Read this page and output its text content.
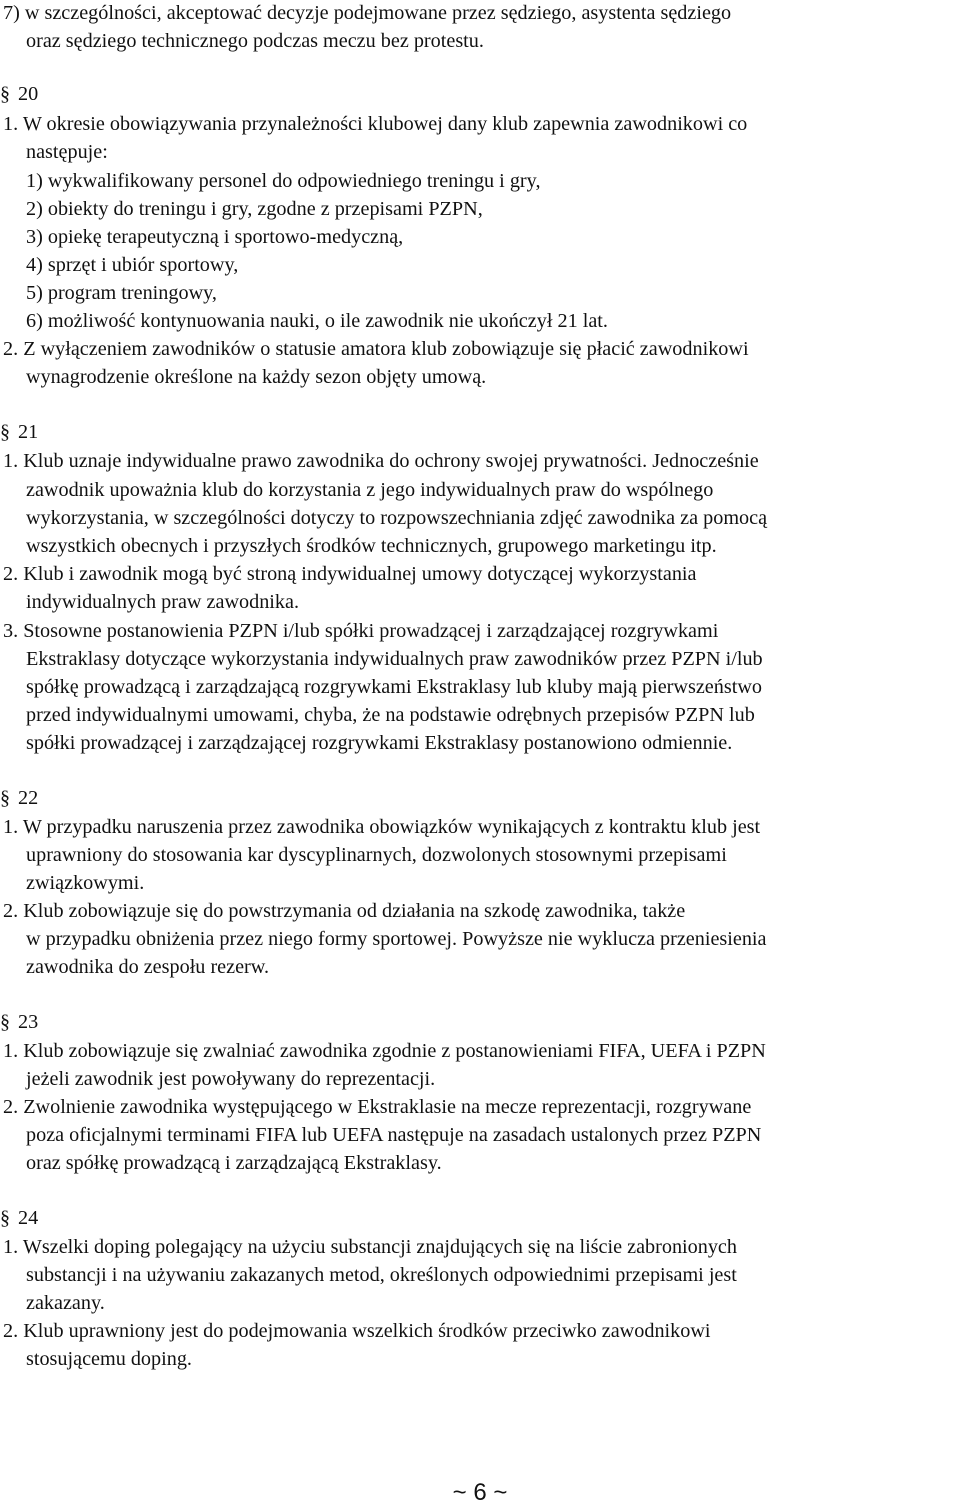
7) w szczególności, akceptować decyzje podejmowane przez sędziego, asystenta sędziego
oraz sędziego technicznego podczas meczu bez protestu.
§ 20
1. W okresie obowiązywania przynależności klubowej dany klub zapewnia zawodnikowi co
następuje:
1) wykwalifikowany personel do odpowiedniego treningu i gry,
2) obiekty do treningu i gry, zgodne z przepisami PZPN,
3) opiekę terapeutyczną i sportowo-medyczną,
4) sprzęt i ubiór sportowy,
5) program treningowy,
6) możliwość kontynuowania nauki, o ile zawodnik nie ukończył 21 lat.
2. Z wyłączeniem zawodników o statusie amatora klub zobowiązuje się płacić zawodnikowi
wynagrodzenie określone na każdy sezon objęty umową.
§ 21
1. Klub uznaje indywidualne prawo zawodnika do ochrony swojej prywatności. Jednocześnie
zawodnik upoważnia klub do korzystania z jego indywidualnych praw do wspólnego
wykorzystania, w szczególności dotyczy to rozpowszechniania zdjęć zawodnika za pomocą
wszystkich obecnych i przyszłych środków technicznych, grupowego marketingu itp.
2. Klub i zawodnik mogą być stroną indywidualnej umowy dotyczącej wykorzystania
indywidualnych praw zawodnika.
3. Stosowne postanowienia PZPN i/lub spółki prowadzącej i zarządzającej rozgrywkami
Ekstraklasy dotyczące wykorzystania indywidualnych praw zawodników przez PZPN i/lub
spółkę prowadzącą i zarządzającą rozgrywkami Ekstraklasy lub kluby mają pierwszeństwo
przed indywidualnymi umowami, chyba, że na podstawie odrębnych przepisów PZPN lub
spółki prowadzącej i zarządzającej rozgrywkami Ekstraklasy postanowiono odmiennie.
§ 22
1. W przypadku naruszenia przez zawodnika obowiązków wynikających z kontraktu klub jest
uprawniony do stosowania kar dyscyplinarnych, dozwolonych stosownymi przepisami
związkowymi.
2. Klub zobowiązuje się do powstrzymania od działania na szkodę zawodnika, także
w przypadku obniżenia przez niego formy sportowej. Powyższe nie wyklucza przeniesienia
zawodnika do zespołu rezerw.
§ 23
1. Klub zobowiązuje się zwalniać zawodnika zgodnie z postanowieniami FIFA, UEFA i PZPN
jeżeli zawodnik jest powoływany do reprezentacji.
2. Zwolnienie zawodnika występującego w Ekstraklasie na mecze reprezentacji, rozgrywane
poza oficjalnymi terminami FIFA lub UEFA następuje na zasadach ustalonych przez PZPN
oraz spółkę prowadzącą i zarządzającą Ekstraklasy.
§ 24
1. Wszelki doping polegający na użyciu substancji znajdujących się na liście zabronionych
substancji i na używaniu zakazanych metod, określonych odpowiednimi przepisami jest
zakazany.
2. Klub uprawniony jest do podejmowania wszelkich środków przeciwko zawodnikowi
stosującemu doping.
~ 6 ~
